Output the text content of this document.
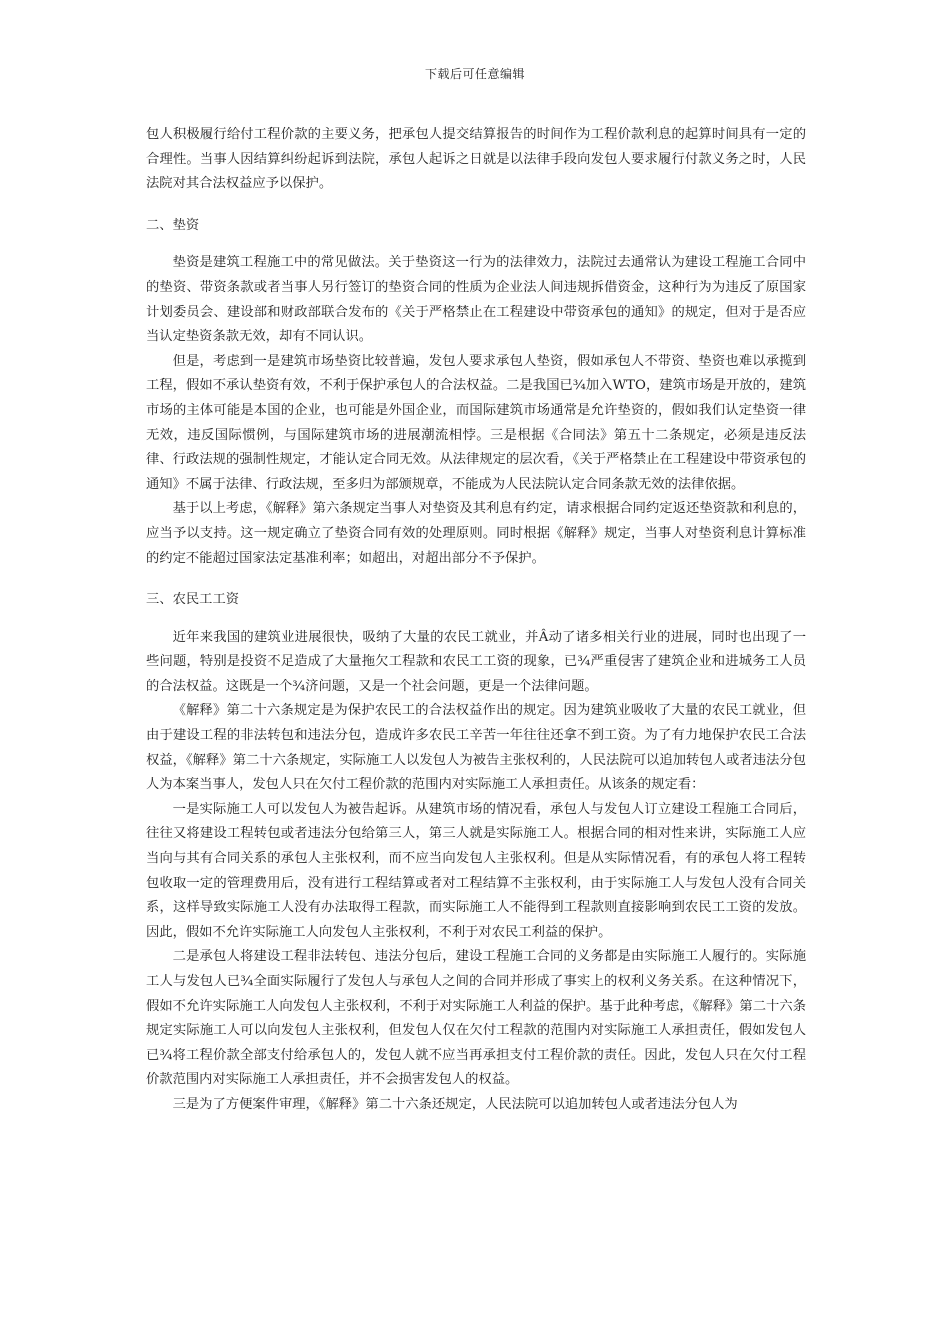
下载后可任意编辑

包人积极履行给付工程价款的主要义务，把承包人提交结算报告的时间作为工程价款利息的起算时间具有一定的合理性。当事人因结算纠纷起诉到法院，承包人起诉之日就是以法律手段向发包人要求履行付款义务之时，人民法院对其合法权益应予以保护。

二、垫资

垫资是建筑工程施工中的常见做法。关于垫资这一行为的法律效力，法院过去通常认为建设工程施工合同中的垫资、带资条款或者当事人另行签订的垫资合同的性质为企业法人间违规拆借资金，这种行为为违反了原国家计划委员会、建设部和财政部联合发布的《关于严格禁止在工程建设中带资承包的通知》的规定，但对于是否应当认定垫资条款无效，却有不同认识。

但是，考虑到一是建筑市场垫资比较普遍，发包人要求承包人垫资，假如承包人不带资、垫资也难以承揽到工程，假如不承认垫资有效，不利于保护承包人的合法权益。二是我国已¾加入WTO，建筑市场是开放的，建筑市场的主体可能是本国的企业，也可能是外国企业，而国际建筑市场通常是允许垫资的，假如我们认定垫资一律无效，违反国际惯例，与国际建筑市场的进展潮流相悖。三是根据《合同法》第五十二条规定，必须是违反法律、行政法规的强制性规定，才能认定合同无效。从法律规定的层次看，《关于严格禁止在工程建设中带资承包的通知》不属于法律、行政法规，至多归为部颁规章，不能成为人民法院认定合同条款无效的法律依据。

基于以上考虑，《解释》第六条规定当事人对垫资及其利息有约定，请求根据合同约定返还垫资款和利息的，应当予以支持。这一规定确立了垫资合同有效的处理原则。同时根据《解释》规定，当事人对垫资利息计算标准的约定不能超过国家法定基准利率；如超出，对超出部分不予保护。

三、农民工工资

近年来我国的建筑业进展很快，吸纳了大量的农民工就业，并Â动了诸多相关行业的进展，同时也出现了一些问题，特别是投资不足造成了大量拖欠工程款和农民工工资的现象，已¾严重侵害了建筑企业和进城务工人员的合法权益。这既是一个¾济问题，又是一个社会问题，更是一个法律问题。

《解释》第二十六条规定是为保护农民工的合法权益作出的规定。因为建筑业吸收了大量的农民工就业，但由于建设工程的非法转包和违法分包，造成许多农民工辛苦一年往往还拿不到工资。为了有力地保护农民工合法权益，《解释》第二十六条规定，实际施工人以发包人为被告主张权利的，人民法院可以追加转包人或者违法分包人为本案当事人，发包人只在欠付工程价款的范围内对实际施工人承担责任。从该条的规定看：

一是实际施工人可以发包人为被告起诉。从建筑市场的情况看，承包人与发包人订立建设工程施工合同后，往往又将建设工程转包或者违法分包给第三人，第三人就是实际施工人。根据合同的相对性来讲，实际施工人应当向与其有合同关系的承包人主张权利，而不应当向发包人主张权利。但是从实际情况看，有的承包人将工程转包收取一定的管理费用后，没有进行工程结算或者对工程结算不主张权利，由于实际施工人与发包人没有合同关系，这样导致实际施工人没有办法取得工程款，而实际施工人不能得到工程款则直接影响到农民工工资的发放。因此，假如不允许实际施工人向发包人主张权利，不利于对农民工利益的保护。

二是承包人将建设工程非法转包、违法分包后，建设工程施工合同的义务都是由实际施工人履行的。实际施工人与发包人已¾全面实际履行了发包人与承包人之间的合同并形成了事实上的权利义务关系。在这种情况下，假如不允许实际施工人向发包人主张权利，不利于对实际施工人利益的保护。基于此种考虑，《解释》第二十六条规定实际施工人可以向发包人主张权利，但发包人仅在欠付工程款的范围内对实际施工人承担责任，假如发包人已¾将工程价款全部支付给承包人的，发包人就不应当再承担支付工程价款的责任。因此，发包人只在欠付工程价款范围内对实际施工人承担责任，并不会损害发包人的权益。

三是为了方便案件审理，《解释》第二十六条还规定，人民法院可以追加转包人或者违法分包人为
